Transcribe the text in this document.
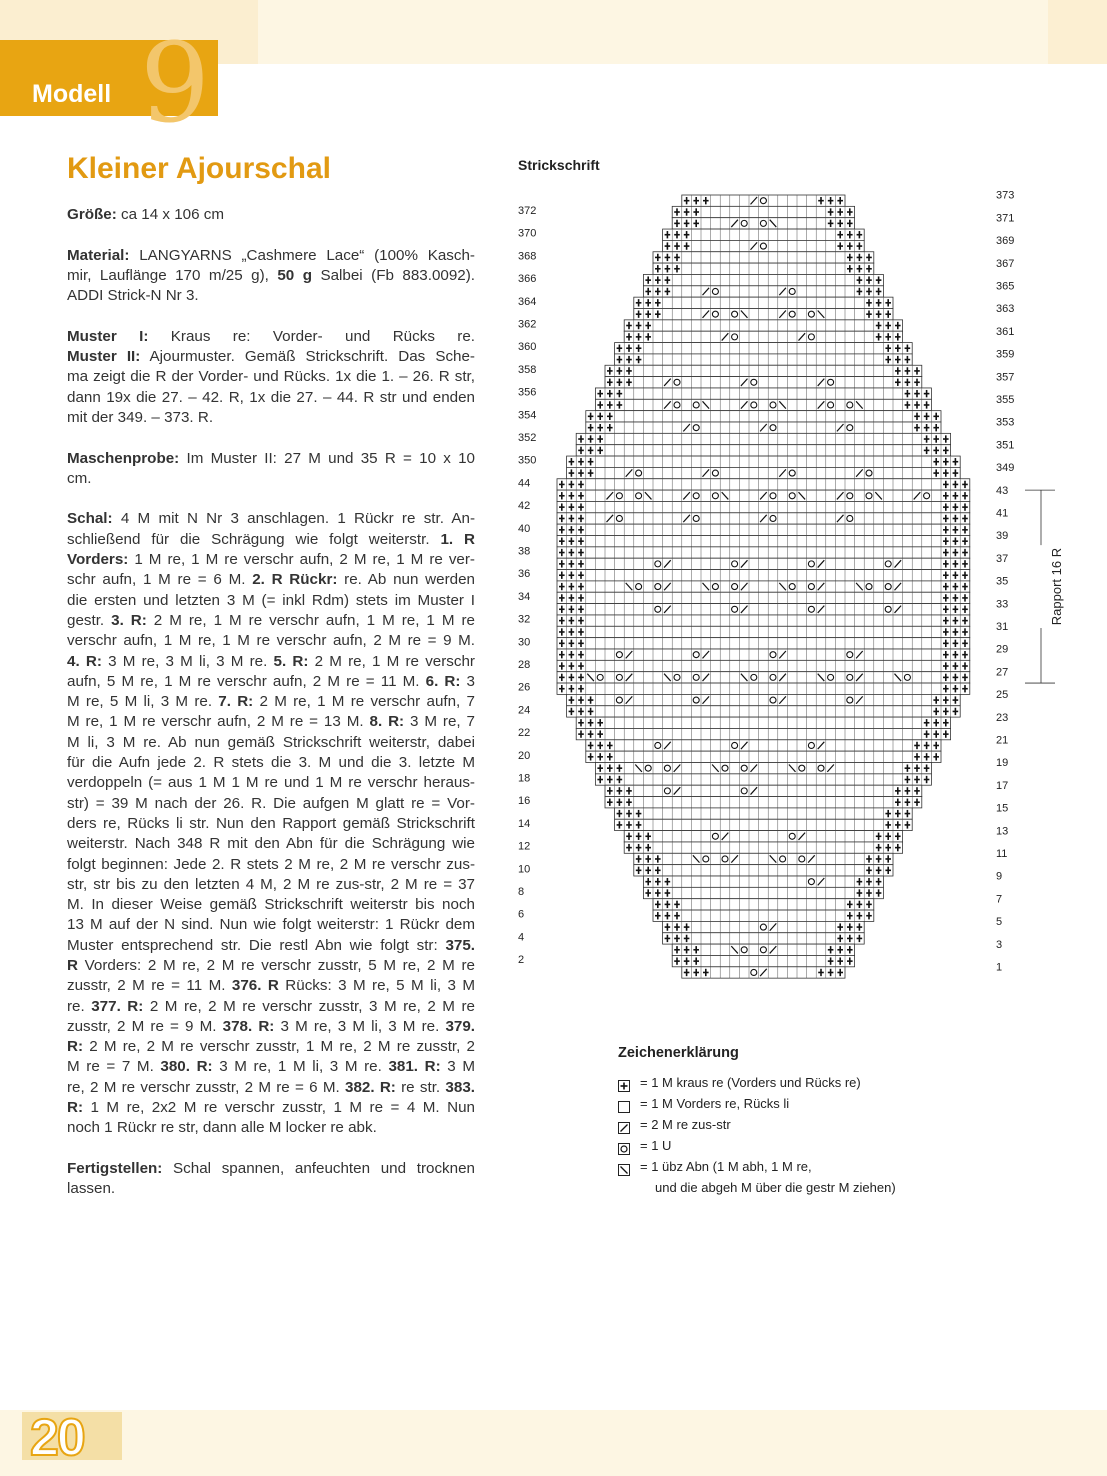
9
Modell
Kleiner Ajourschal
Größe: ca 14 x 106 cm
Material: LANGYARNS „Cashmere Lace“ (100% Kasch-
mir, Lauflänge 170 m/25 g), 50 g Salbei (Fb 883.0092).
ADDI Strick-N Nr 3.
Muster I: Kraus re: Vorder- und Rücks re.
Muster II: Ajourmuster. Gemäß Strickschrift. Das Sche-
ma zeigt die R der Vorder- und Rücks. 1x die 1. – 26. R str,
dann 19x die 27. – 42. R, 1x die 27. – 44. R str und enden
mit der 349. – 373. R.
Maschenprobe: Im Muster II: 27 M und 35 R = 10 x 10
cm.
Schal: 4 M mit N Nr 3 anschlagen. 1 Rückr re str. An-
schließend für die Schrägung wie folgt weiterstr. 1. R
Vorders: 1 M re, 1 M re verschr aufn, 2 M re, 1 M re ver-
schr aufn, 1 M re = 6 M. 2. R Rückr: re. Ab nun werden
die ersten und letzten 3 M (= inkl Rdm) stets im Muster I
gestr. 3. R: 2 M re, 1 M re verschr aufn, 1 M re, 1 M re
verschr aufn, 1 M re, 1 M re verschr aufn, 2 M re = 9 M.
4. R: 3 M re, 3 M li, 3 M re. 5. R: 2 M re, 1 M re verschr
aufn, 5 M re, 1 M re verschr aufn, 2 M re = 11 M. 6. R: 3
M re, 5 M li, 3 M re. 7. R: 2 M re, 1 M re verschr aufn, 7
M re, 1 M re verschr aufn, 2 M re = 13 M. 8. R: 3 M re, 7
M li, 3 M re. Ab nun gemäß Strickschrift weiterstr, dabei
für die Aufn jede 2. R stets die 3. M und die 3. letzte M
verdoppeln (= aus 1 M 1 M re und 1 M re verschr heraus-
str) = 39 M nach der 26. R. Die aufgen M glatt re = Vor-
ders re, Rücks li str. Nun den Rapport gemäß Strickschrift
weiterstr. Nach 348 R mit den Abn für die Schrägung wie
folgt beginnen: Jede 2. R stets 2 M re, 2 M re verschr zus-
str, str bis zu den letzten 4 M, 2 M re zus-str, 2 M re = 37
M. In dieser Weise gemäß Strickschrift weiterstr bis noch
13 M auf der N sind. Nun wie folgt weiterstr: 1 Rückr dem
Muster entsprechend str. Die restl Abn wie folgt str: 375.
R Vorders: 2 M re, 2 M re verschr zusstr, 5 M re, 2 M re
zusstr, 2 M re = 11 M. 376. R Rücks: 3 M re, 5 M li, 3 M
re. 377. R: 2 M re, 2 M re verschr zusstr, 3 M re, 2 M re
zusstr, 2 M re = 9 M. 378. R: 3 M re, 3 M li, 3 M re. 379.
R: 2 M re, 2 M re verschr zusstr, 1 M re, 2 M re zusstr, 2
M re = 7 M. 380. R: 3 M re, 1 M li, 3 M re. 381. R: 3 M
re, 2 M re verschr zusstr, 2 M re = 6 M. 382. R: re str. 383.
R: 1 M re, 2x2 M re verschr zusstr, 1 M re = 4 M. Nun
noch 1 Rückr re str, dann alle M locker re abk.
Fertigstellen: Schal spannen, anfeuchten und trocknen
lassen.
Strickschrift
373
372
371
370
369
368
367
366
365
364
363
362
361
360
359
358
357
356
355
354
353
352
351
350
349
44
43
42
41
40
39
38
37
36
35
34
33
32
31
30
29
28
27
26
25
24
23
22
21
20
19
18
17
16
15
14
13
12
11
10
9
8
7
6
5
4
3
2
1
Rapport 16 R
Zeichenerklärung
= 1 M kraus re (Vorders und Rücks re)
= 1 M Vorders re, Rücks li
= 2 M re zus-str
= 1 U
= 1 übz Abn (1 M abh, 1 M re,
und die abgeh M über die gestr M ziehen)
20
